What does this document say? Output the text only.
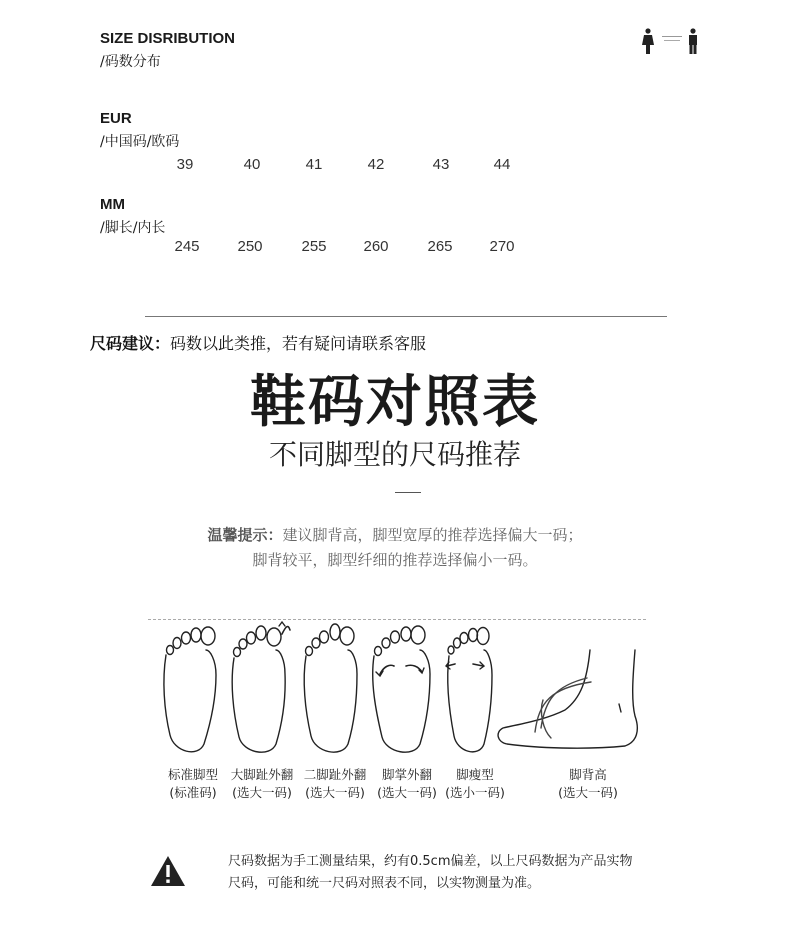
SIZE DISRIBUTION
/码数分布
EUR
/中国码/欧码
39	40	41	42	43	44
MM
/脚长/内长
245	250	255	260	265	270
尺码建议：码数以此类推，若有疑问请联系客服
鞋码对照表
不同脚型的尺码推荐
温馨提示：建议脚背高，脚型宽厚的推荐选择偏大一码；
脚背较平，脚型纤细的推荐选择偏小一码。
标准脚型
(标准码)
大脚趾外翻
(选大一码)
二脚趾外翻
(选大一码)
脚掌外翻
(选大一码)
脚瘦型
(选小一码)
脚背高
(选大一码)
尺码数据为手工测量结果，约有0.5cm偏差，以上尺码数据为产品实物
尺码，可能和统一尺码对照表不同，以实物测量为准。
